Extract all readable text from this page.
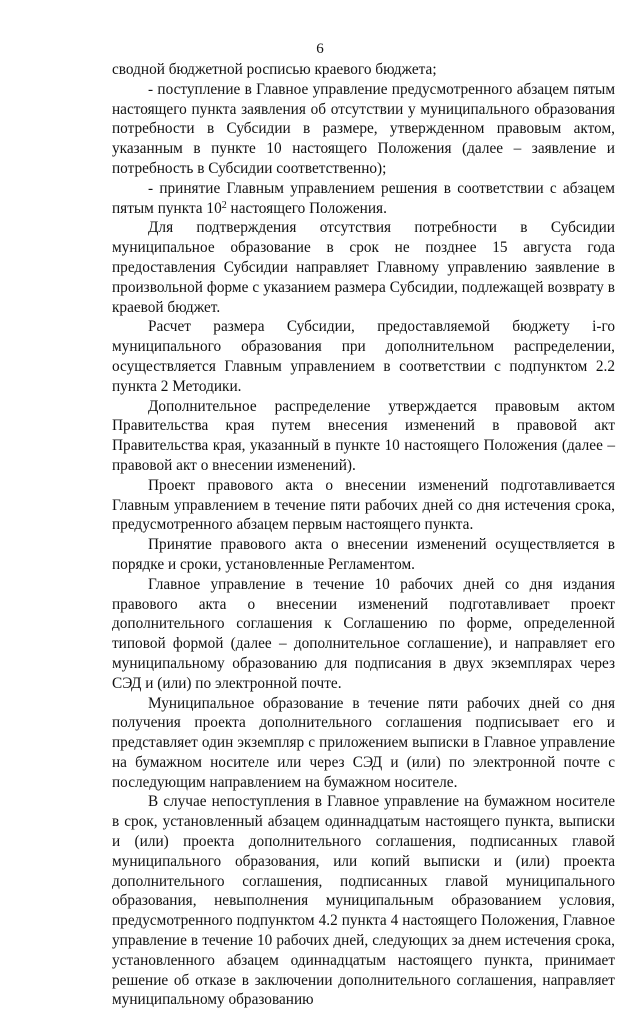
6

сводной бюджетной росписью краевого бюджета;

- поступление в Главное управление предусмотренного абзацем пятым настоящего пункта заявления об отсутствии у муниципального образования потребности в Субсидии в размере, утвержденном правовым актом, указанным в пункте 10 настоящего Положения (далее – заявление и потребность в Субсидии соответственно);

- принятие Главным управлением решения в соответствии с абзацем пятым пункта $10^2$ настоящего Положения.

Для подтверждения отсутствия потребности в Субсидии муниципальное образование в срок не позднее 15 августа года предоставления Субсидии направляет Главному управлению заявление в произвольной форме с указанием размера Субсидии, подлежащей возврату в краевой бюджет.

Расчет размера Субсидии, предоставляемой бюджету i-го муниципального образования при дополнительном распределении, осуществляется Главным управлением в соответствии с подпунктом 2.2 пункта 2 Методики.

Дополнительное распределение утверждается правовым актом Правительства края путем внесения изменений в правовой акт Правительства края, указанный в пункте 10 настоящего Положения (далее – правовой акт о внесении изменений).

Проект правового акта о внесении изменений подготавливается Главным управлением в течение пяти рабочих дней со дня истечения срока, предусмотренного абзацем первым настоящего пункта.

Принятие правового акта о внесении изменений осуществляется в порядке и сроки, установленные Регламентом.

Главное управление в течение 10 рабочих дней со дня издания правового акта о внесении изменений подготавливает проект дополнительного соглашения к Соглашению по форме, определенной типовой формой (далее – дополнительное соглашение), и направляет его муниципальному образованию для подписания в двух экземплярах через СЭД и (или) по электронной почте.

Муниципальное образование в течение пяти рабочих дней со дня получения проекта дополнительного соглашения подписывает его и представляет один экземпляр с приложением выписки в Главное управление на бумажном носителе или через СЭД и (или) по электронной почте с последующим направлением на бумажном носителе.

В случае непоступления в Главное управление на бумажном носителе в срок, установленный абзацем одиннадцатым настоящего пункта, выписки и (или) проекта дополнительного соглашения, подписанных главой муниципального образования, или копий выписки и (или) проекта дополнительного соглашения, подписанных главой муниципального образования, невыполнения муниципальным образованием условия, предусмотренного подпунктом 4.2 пункта 4 настоящего Положения, Главное управление в течение 10 рабочих дней, следующих за днем истечения срока, установленного абзацем одиннадцатым настоящего пункта, принимает решение об отказе в заключении дополнительного соглашения, направляет муниципальному образованию
